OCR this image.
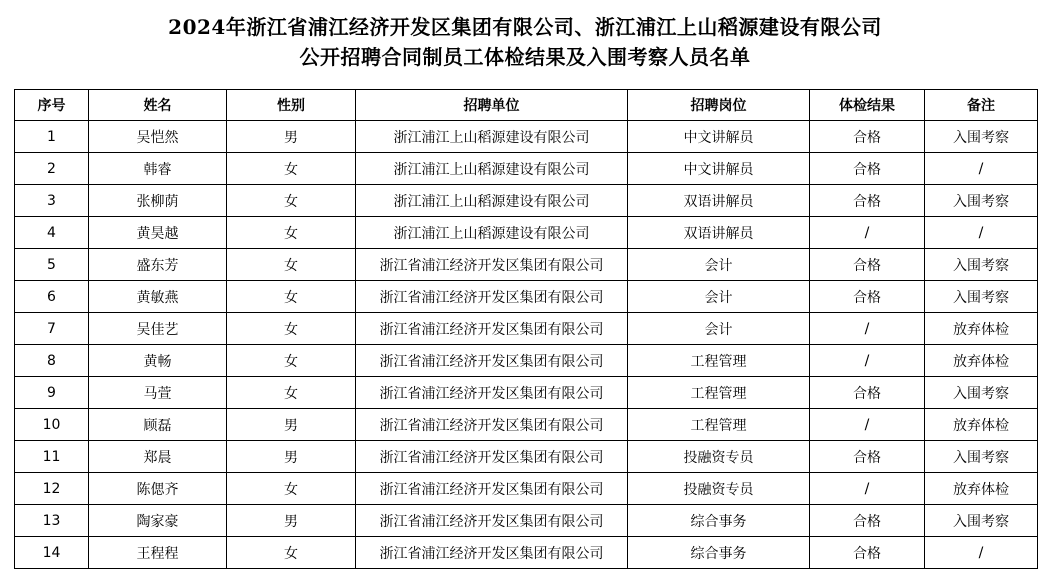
2024年浙江省浦江经济开发区集团有限公司、浙江浦江上山稻源建设有限公司
公开招聘合同制员工体检结果及入围考察人员名单
序号	姓名	性别	招聘单位	招聘岗位	体检结果	备注
1	吴恺然	男	浙江浦江上山稻源建设有限公司	中文讲解员	合格	入围考察
2	韩睿	女	浙江浦江上山稻源建设有限公司	中文讲解员	合格	/
3	张柳荫	女	浙江浦江上山稻源建设有限公司	双语讲解员	合格	入围考察
4	黄昊越	女	浙江浦江上山稻源建设有限公司	双语讲解员	/	/
5	盛东芳	女	浙江省浦江经济开发区集团有限公司	会计	合格	入围考察
6	黄敏燕	女	浙江省浦江经济开发区集团有限公司	会计	合格	入围考察
7	吴佳艺	女	浙江省浦江经济开发区集团有限公司	会计	/	放弃体检
8	黄畅	女	浙江省浦江经济开发区集团有限公司	工程管理	/	放弃体检
9	马萱	女	浙江省浦江经济开发区集团有限公司	工程管理	合格	入围考察
10	顾磊	男	浙江省浦江经济开发区集团有限公司	工程管理	/	放弃体检
11	郑晨	男	浙江省浦江经济开发区集团有限公司	投融资专员	合格	入围考察
12	陈偲齐	女	浙江省浦江经济开发区集团有限公司	投融资专员	/	放弃体检
13	陶家豪	男	浙江省浦江经济开发区集团有限公司	综合事务	合格	入围考察
14	王程程	女	浙江省浦江经济开发区集团有限公司	综合事务	合格	/
